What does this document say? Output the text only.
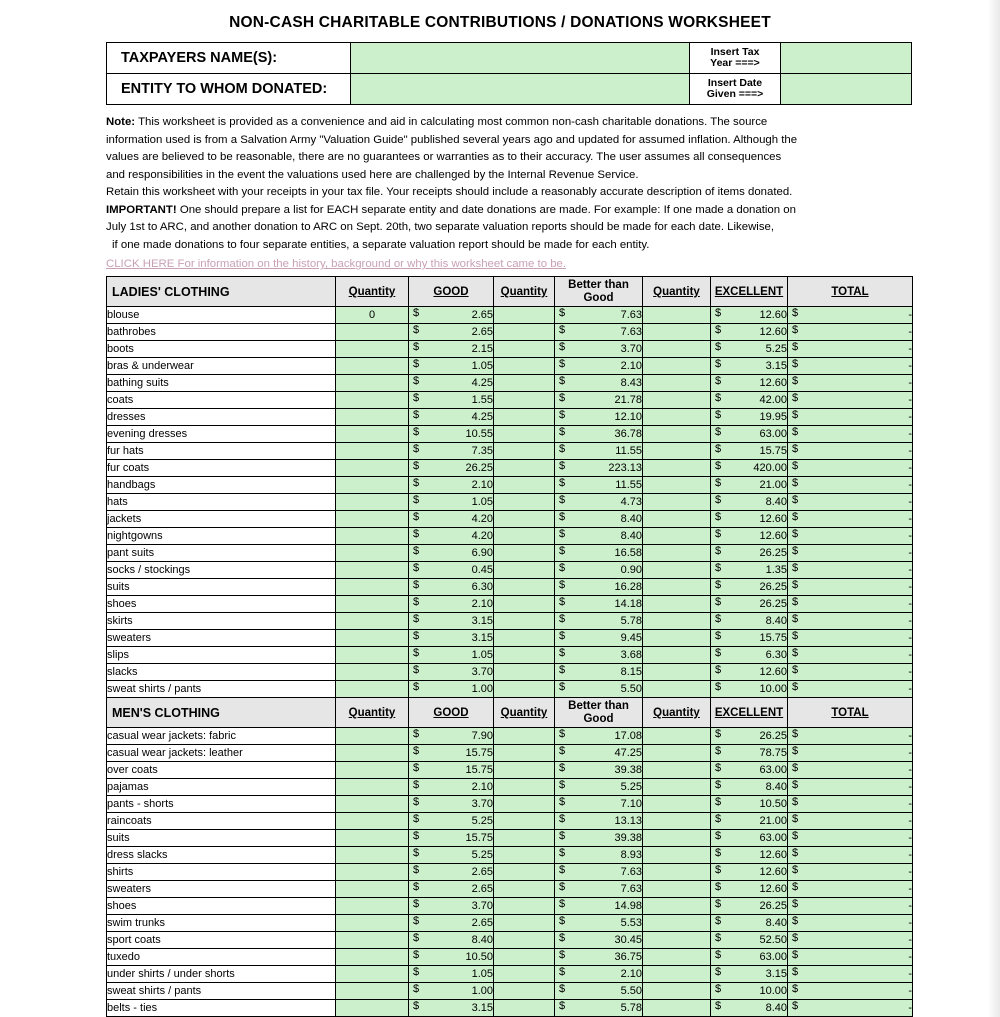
NON-CASH CHARITABLE CONTRIBUTIONS / DONATIONS WORKSHEET
TAXPAYERS NAME(S):		Insert Tax
Year ===>	

ENTITY TO WHOM DONATED:		Insert Date
Given ===>	

Note: This worksheet is provided as a convenience and aid in calculating most common non-cash charitable donations. The source

information used is from a Salvation Army "Valuation Guide" published several years ago and updated for assumed inflation. Although the

values are believed to be reasonable, there are no guarantees or warranties as to their accuracy. The user assumes all consequences

and responsibilities in the event the valuations used here are challenged by the Internal Revenue Service.

Retain this worksheet with your receipts in your tax file. Your receipts should include a reasonably accurate description of items donated.

IMPORTANT! One should prepare a list for EACH separate entity and date donations are made. For example: If one made a donation on

July 1st to ARC, and another donation to ARC on Sept. 20th, two separate valuation reports should be made for each date. Likewise,

if one made donations to four separate entities, a separate valuation report should be made for each entity.

CLICK HERE For information on the history, background or why this worksheet came to be.
LADIES' CLOTHING	Quantity	GOOD	Quantity	Better than
Good	Quantity	EXCELLENT	TOTAL
blouse	0	$ 2.65		$ 7.63		$ 12.60	$ -
bathrobes		$ 2.65		$ 7.63		$ 12.60	$ -
boots		$ 2.15		$ 3.70		$ 5.25	$ -
bras & underwear		$ 1.05		$ 2.10		$ 3.15	$ -
bathing suits		$ 4.25		$ 8.43		$ 12.60	$ -
coats		$ 1.55		$ 21.78		$ 42.00	$ -
dresses		$ 4.25		$ 12.10		$ 19.95	$ -
evening dresses		$ 10.55		$ 36.78		$ 63.00	$ -
fur hats		$ 7.35		$ 11.55		$ 15.75	$ -
fur coats		$ 26.25		$ 223.13		$ 420.00	$ -
handbags		$ 2.10		$ 11.55		$ 21.00	$ -
hats		$ 1.05		$ 4.73		$ 8.40	$ -
jackets		$ 4.20		$ 8.40		$ 12.60	$ -
nightgowns		$ 4.20		$ 8.40		$ 12.60	$ -
pant suits		$ 6.90		$ 16.58		$ 26.25	$ -
socks / stockings		$ 0.45		$ 0.90		$ 1.35	$ -
suits		$ 6.30		$ 16.28		$ 26.25	$ -
shoes		$ 2.10		$ 14.18		$ 26.25	$ -
skirts		$ 3.15		$ 5.78		$ 8.40	$ -
sweaters		$ 3.15		$ 9.45		$ 15.75	$ -
slips		$ 1.05		$ 3.68		$ 6.30	$ -
slacks		$ 3.70		$ 8.15		$ 12.60	$ -
sweat shirts / pants		$ 1.00		$ 5.50		$ 10.00	$ -
MEN'S CLOTHING	Quantity	GOOD	Quantity	Better than
Good	Quantity	EXCELLENT	TOTAL
casual wear jackets: fabric		$ 7.90		$ 17.08		$ 26.25	$ -
casual wear jackets: leather		$ 15.75		$ 47.25		$ 78.75	$ -
over coats		$ 15.75		$ 39.38		$ 63.00	$ -
pajamas		$ 2.10		$ 5.25		$ 8.40	$ -
pants - shorts		$ 3.70		$ 7.10		$ 10.50	$ -
raincoats		$ 5.25		$ 13.13		$ 21.00	$ -
suits		$ 15.75		$ 39.38		$ 63.00	$ -
dress slacks		$ 5.25		$ 8.93		$ 12.60	$ -
shirts		$ 2.65		$ 7.63		$ 12.60	$ -
sweaters		$ 2.65		$ 7.63		$ 12.60	$ -
shoes		$ 3.70		$ 14.98		$ 26.25	$ -
swim trunks		$ 2.65		$ 5.53		$ 8.40	$ -
sport coats		$ 8.40		$ 30.45		$ 52.50	$ -
tuxedo		$ 10.50		$ 36.75		$ 63.00	$ -
under shirts / under shorts		$ 1.05		$ 2.10		$ 3.15	$ -
sweat shirts / pants		$ 1.00		$ 5.50		$ 10.00	$ -
belts - ties		$ 3.15		$ 5.78		$ 8.40	$ -
